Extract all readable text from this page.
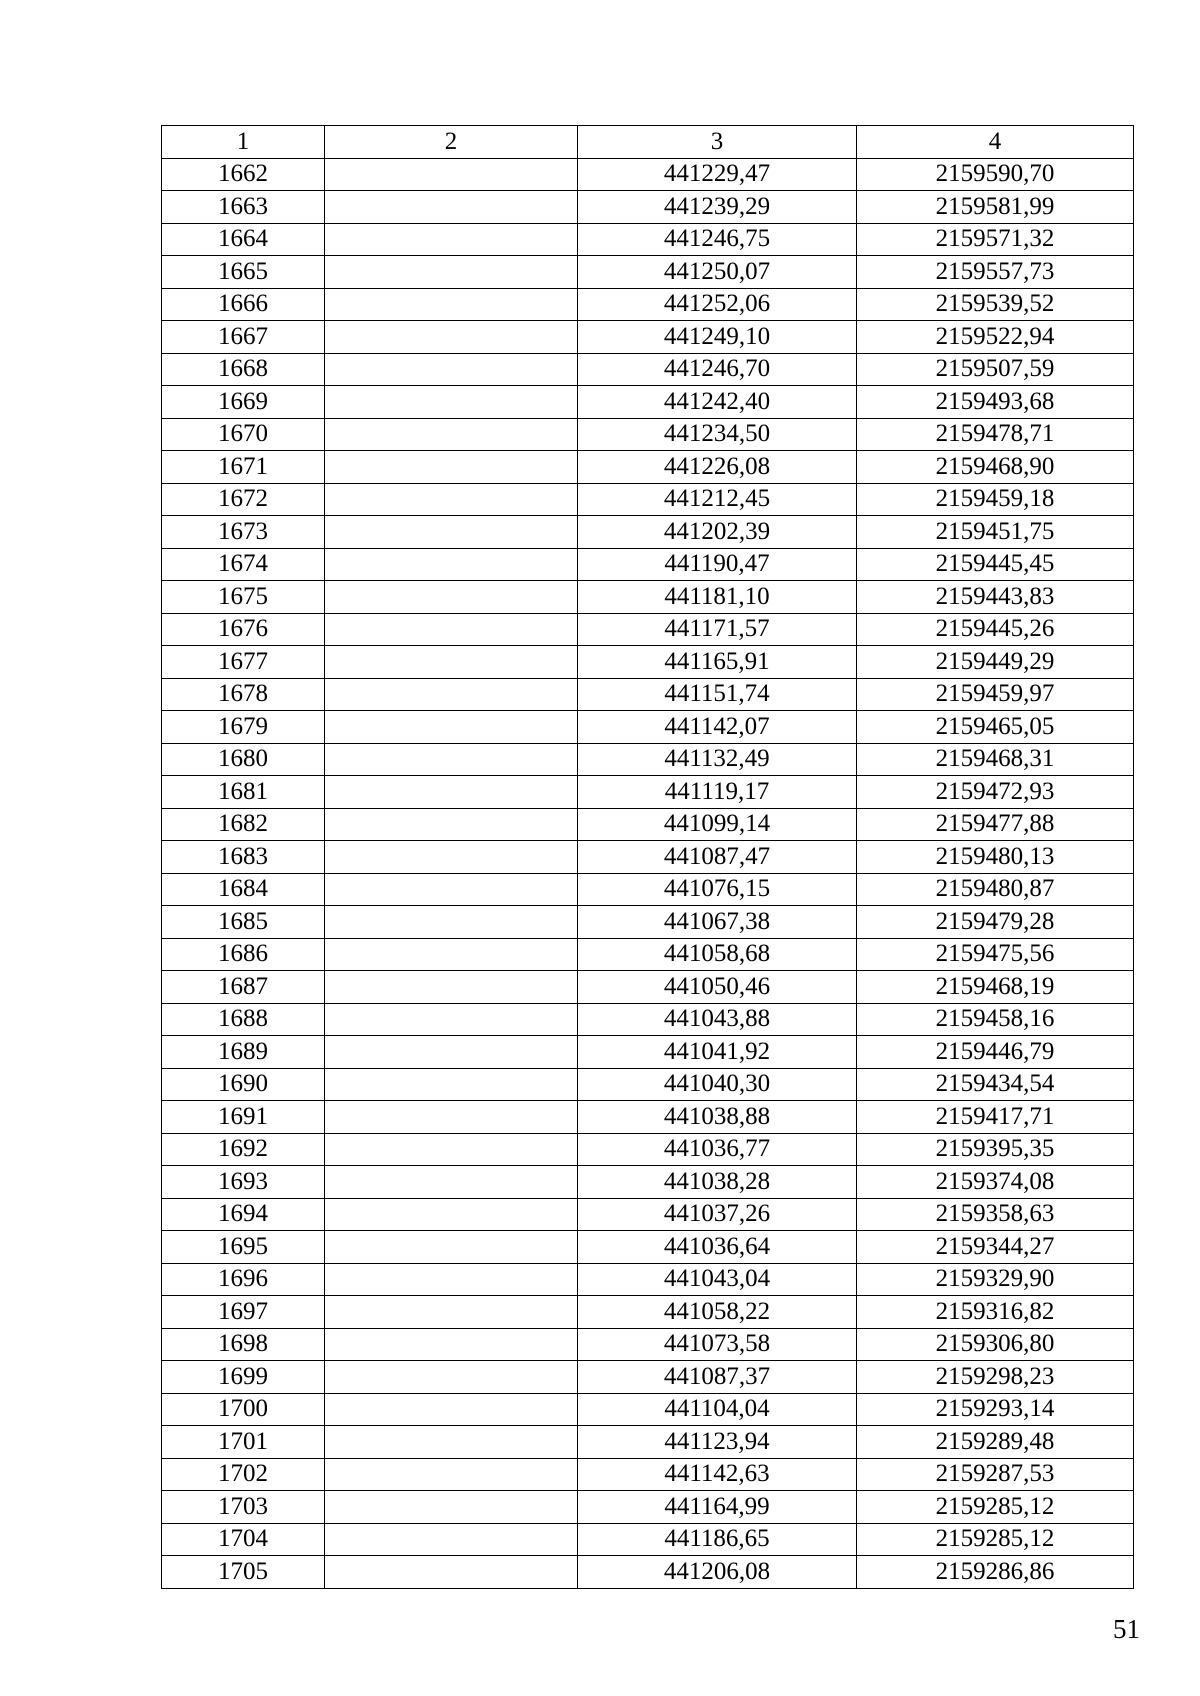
1	2	3	4
1662		441229,47	2159590,70
1663		441239,29	2159581,99
1664		441246,75	2159571,32
1665		441250,07	2159557,73
1666		441252,06	2159539,52
1667		441249,10	2159522,94
1668		441246,70	2159507,59
1669		441242,40	2159493,68
1670		441234,50	2159478,71
1671		441226,08	2159468,90
1672		441212,45	2159459,18
1673		441202,39	2159451,75
1674		441190,47	2159445,45
1675		441181,10	2159443,83
1676		441171,57	2159445,26
1677		441165,91	2159449,29
1678		441151,74	2159459,97
1679		441142,07	2159465,05
1680		441132,49	2159468,31
1681		441119,17	2159472,93
1682		441099,14	2159477,88
1683		441087,47	2159480,13
1684		441076,15	2159480,87
1685		441067,38	2159479,28
1686		441058,68	2159475,56
1687		441050,46	2159468,19
1688		441043,88	2159458,16
1689		441041,92	2159446,79
1690		441040,30	2159434,54
1691		441038,88	2159417,71
1692		441036,77	2159395,35
1693		441038,28	2159374,08
1694		441037,26	2159358,63
1695		441036,64	2159344,27
1696		441043,04	2159329,90
1697		441058,22	2159316,82
1698		441073,58	2159306,80
1699		441087,37	2159298,23
1700		441104,04	2159293,14
1701		441123,94	2159289,48
1702		441142,63	2159287,53
1703		441164,99	2159285,12
1704		441186,65	2159285,12
1705		441206,08	2159286,86
51
